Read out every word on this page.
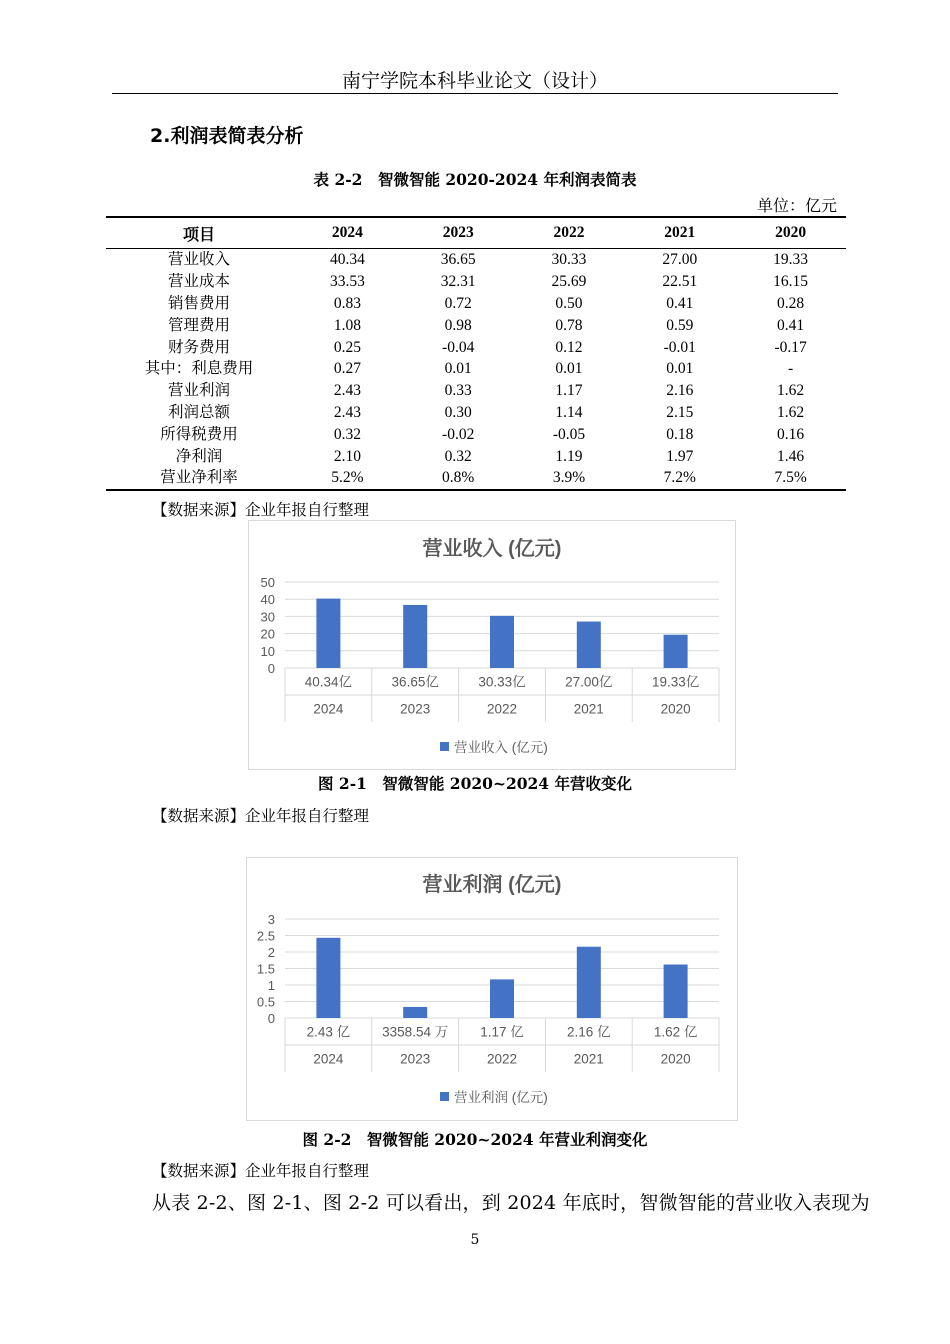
南宁学院本科毕业论文（设计）
2.利润表简表分析
表 2-2　智微智能 2020-2024 年利润表简表
单位：亿元
项目	2024	2023	2022	2021	2020
营业收入	40.34	36.65	30.33	27.00	19.33
营业成本	33.53	32.31	25.69	22.51	16.15
销售费用	0.83	0.72	0.50	0.41	0.28
管理费用	1.08	0.98	0.78	0.59	0.41
财务费用	0.25	-0.04	0.12	-0.01	-0.17
其中：利息费用	0.27	0.01	0.01	0.01	-
营业利润	2.43	0.33	1.17	2.16	1.62
利润总额	2.43	0.30	1.14	2.15	1.62
所得税费用	0.32	-0.02	-0.05	0.18	0.16
净利润	2.10	0.32	1.19	1.97	1.46
营业净利率	5.2%	0.8%	3.9%	7.2%	7.5%
【数据来源】企业年报自行整理
营业收入 (亿元)
0
10
20
30
40
50
40.34亿
2024
36.65亿
2023
30.33亿
2022
27.00亿
2021
19.33亿
2020
营业收入 (亿元)
图 2-1　智微智能 2020~2024 年营收变化
【数据来源】企业年报自行整理
营业利润 (亿元)
0
0.5
1
1.5
2
2.5
3
2.43 亿
2024
3358.54 万
2023
1.17 亿
2022
2.16 亿
2021
1.62 亿
2020
营业利润 (亿元)
图 2-2　智微智能 2020~2024 年营业利润变化
【数据来源】企业年报自行整理
从表 2-2、图 2-1、图 2-2 可以看出，到 2024 年底时，智微智能的营业收入表现为
5
